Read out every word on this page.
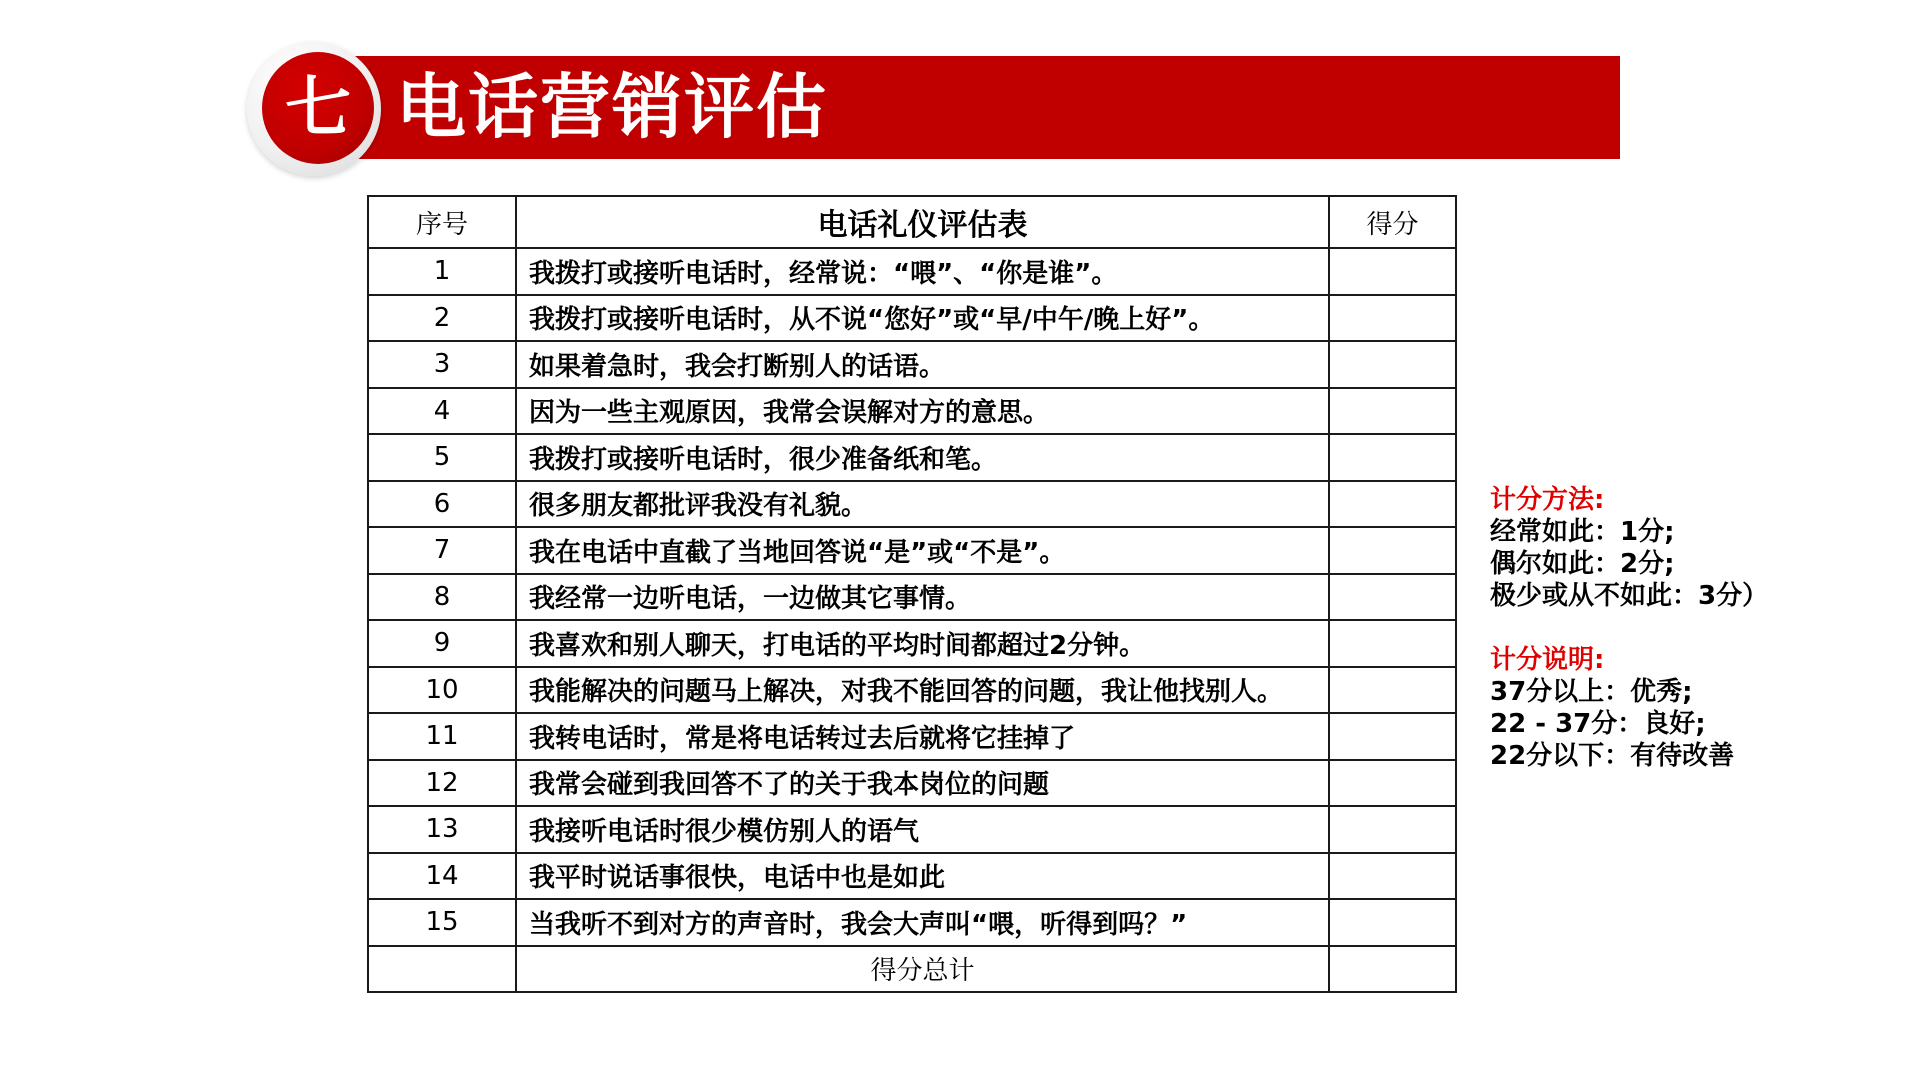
七 电话营销评估
序号	电话礼仪评估表	得分
1	我拨打或接听电话时，经常说：“喂”、“你是谁”。	
2	我拨打或接听电话时，从不说“您好”或“早/中午/晚上好”。	
3	如果着急时，我会打断别人的话语。	
4	因为一些主观原因，我常会误解对方的意思。	
5	我拨打或接听电话时，很少准备纸和笔。	
6	很多朋友都批评我没有礼貌。	
7	我在电话中直截了当地回答说“是”或“不是”。	
8	我经常一边听电话，一边做其它事情。	
9	我喜欢和别人聊天，打电话的平均时间都超过2分钟。	
10	我能解决的问题马上解决，对我不能回答的问题，我让他找别人。	
11	我转电话时，常是将电话转过去后就将它挂掉了	
12	我常会碰到我回答不了的关于我本岗位的问题	
13	我接听电话时很少模仿别人的语气	
14	我平时说话事很快，电话中也是如此	
15	当我听不到对方的声音时，我会大声叫“喂，听得到吗？”	
	得分总计	
计分方法:
经常如此：1分;
偶尔如此：2分;
极少或从不如此：3分）
计分说明:
37分以上：优秀;
22 - 37分：良好;
22分以下：有待改善
